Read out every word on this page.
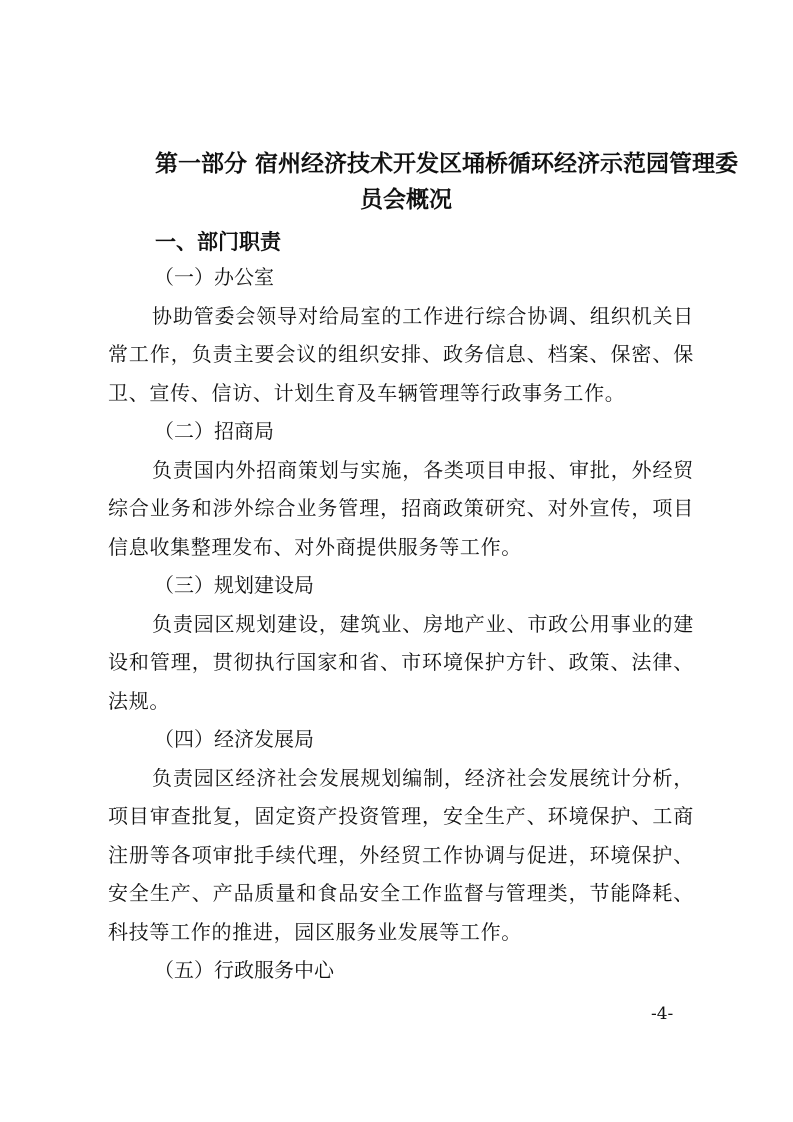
第一部分 宿州经济技术开发区埇桥循环经济示范园管理委
员会概况
一、部门职责

（一）办公室

协助管委会领导对给局室的工作进行综合协调、组织机关日
常工作，负责主要会议的组织安排、政务信息、档案、保密、保
卫、宣传、信访、计划生育及车辆管理等行政事务工作。

（二）招商局

负责国内外招商策划与实施，各类项目申报、审批，外经贸
综合业务和涉外综合业务管理，招商政策研究、对外宣传，项目
信息收集整理发布、对外商提供服务等工作。

（三）规划建设局

负责园区规划建设，建筑业、房地产业、市政公用事业的建
设和管理，贯彻执行国家和省、市环境保护方针、政策、法律、
法规。

（四）经济发展局

负责园区经济社会发展规划编制，经济社会发展统计分析，
项目审查批复，固定资产投资管理，安全生产、环境保护、工商
注册等各项审批手续代理，外经贸工作协调与促进，环境保护、
安全生产、产品质量和食品安全工作监督与管理类，节能降耗、
科技等工作的推进，园区服务业发展等工作。

（五）行政服务中心

-4-
